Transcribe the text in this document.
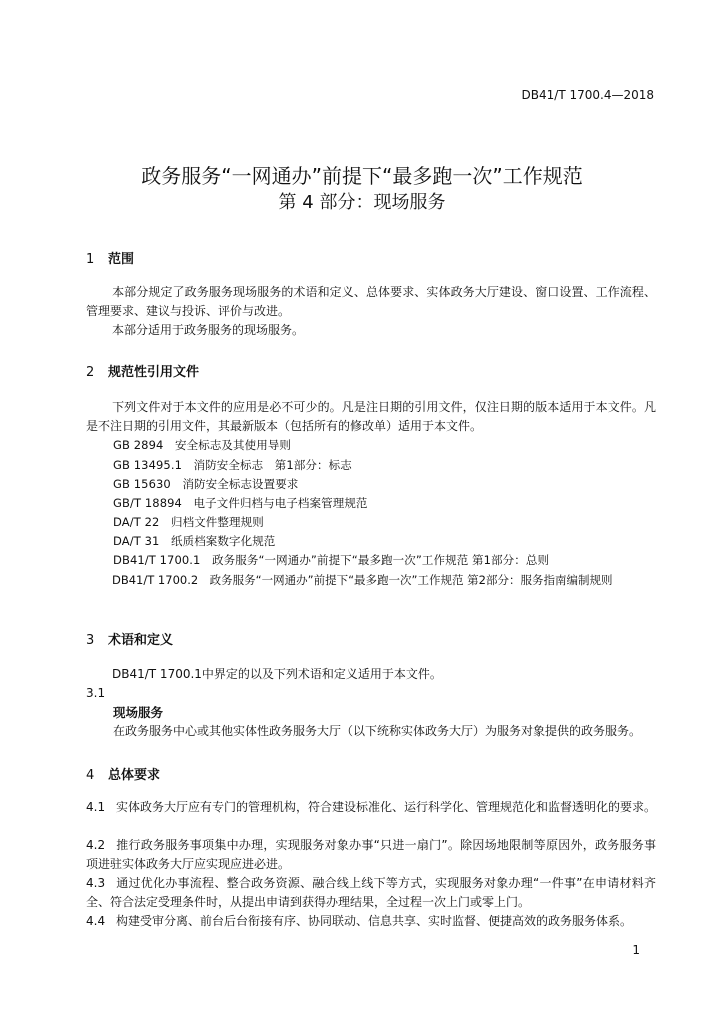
DB41/T 1700.4—2018
政务服务“一网通办”前提下“最多跑一次”工作规范
第 4 部分：现场服务
1 范围
本部分规定了政务服务现场服务的术语和定义、总体要求、实体政务大厅建设、窗口设置、工作流程、管理要求、建议与投诉、评价与改进。
本部分适用于政务服务的现场服务。
2 规范性引用文件
下列文件对于本文件的应用是必不可少的。凡是注日期的引用文件，仅注日期的版本适用于本文件。凡是不注日期的引用文件，其最新版本（包括所有的修改单）适用于本文件。
GB 2894　安全标志及其使用导则
GB 13495.1　消防安全标志　第1部分：标志
GB 15630　消防安全标志设置要求
GB/T 18894　电子文件归档与电子档案管理规范
DA/T 22　归档文件整理规则
DA/T 31　纸质档案数字化规范
DB41/T 1700.1　政务服务“一网通办”前提下“最多跑一次”工作规范 第1部分：总则
DB41/T 1700.2　政务服务“一网通办”前提下“最多跑一次”工作规范 第2部分：服务指南编制规则
3 术语和定义
DB41/T 1700.1中界定的以及下列术语和定义适用于本文件。
3.1
现场服务
在政务服务中心或其他实体性政务服务大厅（以下统称实体政务大厅）为服务对象提供的政务服务。
4 总体要求
4.1 实体政务大厅应有专门的管理机构，符合建设标准化、运行科学化、管理规范化和监督透明化的要求。
4.2 推行政务服务事项集中办理，实现服务对象办事“只进一扇门”。除因场地限制等原因外，政务服务事项进驻实体政务大厅应实现应进必进。
4.3 通过优化办事流程、整合政务资源、融合线上线下等方式，实现服务对象办理“一件事”在申请材料齐全、符合法定受理条件时，从提出申请到获得办理结果，全过程一次上门或零上门。
4.4 构建受审分离、前台后台衔接有序、协同联动、信息共享、实时监督、便捷高效的政务服务体系。
1
